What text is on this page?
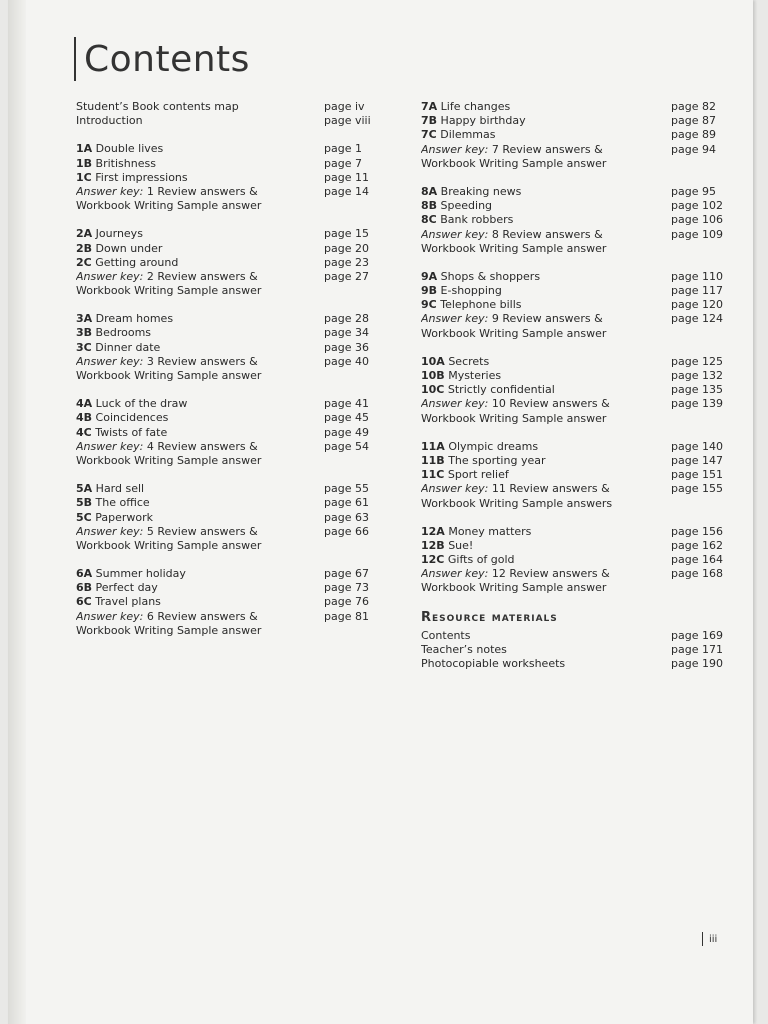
Contents
Student’s Book contents map	page iv
Introduction	page viii
1A Double lives	page 1
1B Britishness	page 7
1C First impressions	page 11
Answer key: 1 Review answers &	page 14
Workbook Writing Sample answer
2A Journeys	page 15
2B Down under	page 20
2C Getting around	page 23
Answer key: 2 Review answers &	page 27
Workbook Writing Sample answer
3A Dream homes	page 28
3B Bedrooms	page 34
3C Dinner date	page 36
Answer key: 3 Review answers &	page 40
Workbook Writing Sample answer
4A Luck of the draw	page 41
4B Coincidences	page 45
4C Twists of fate	page 49
Answer key: 4 Review answers &	page 54
Workbook Writing Sample answer
5A Hard sell	page 55
5B The office	page 61
5C Paperwork	page 63
Answer key: 5 Review answers &	page 66
Workbook Writing Sample answer
6A Summer holiday	page 67
6B Perfect day	page 73
6C Travel plans	page 76
Answer key: 6 Review answers &	page 81
Workbook Writing Sample answer
7A Life changes	page 82
7B Happy birthday	page 87
7C Dilemmas	page 89
Answer key: 7 Review answers &	page 94
Workbook Writing Sample answer
8A Breaking news	page 95
8B Speeding	page 102
8C Bank robbers	page 106
Answer key: 8 Review answers &	page 109
Workbook Writing Sample answer
9A Shops & shoppers	page 110
9B E-shopping	page 117
9C Telephone bills	page 120
Answer key: 9 Review answers &	page 124
Workbook Writing Sample answer
10A Secrets	page 125
10B Mysteries	page 132
10C Strictly confidential	page 135
Answer key: 10 Review answers &	page 139
Workbook Writing Sample answer
11A Olympic dreams	page 140
11B The sporting year	page 147
11C Sport relief	page 151
Answer key: 11 Review answers &	page 155
Workbook Writing Sample answers
12A Money matters	page 156
12B Sue!	page 162
12C Gifts of gold	page 164
Answer key: 12 Review answers &	page 168
Workbook Writing Sample answer
Resource materials
Contents	page 169
Teacher’s notes	page 171
Photocopiable worksheets	page 190
iii
